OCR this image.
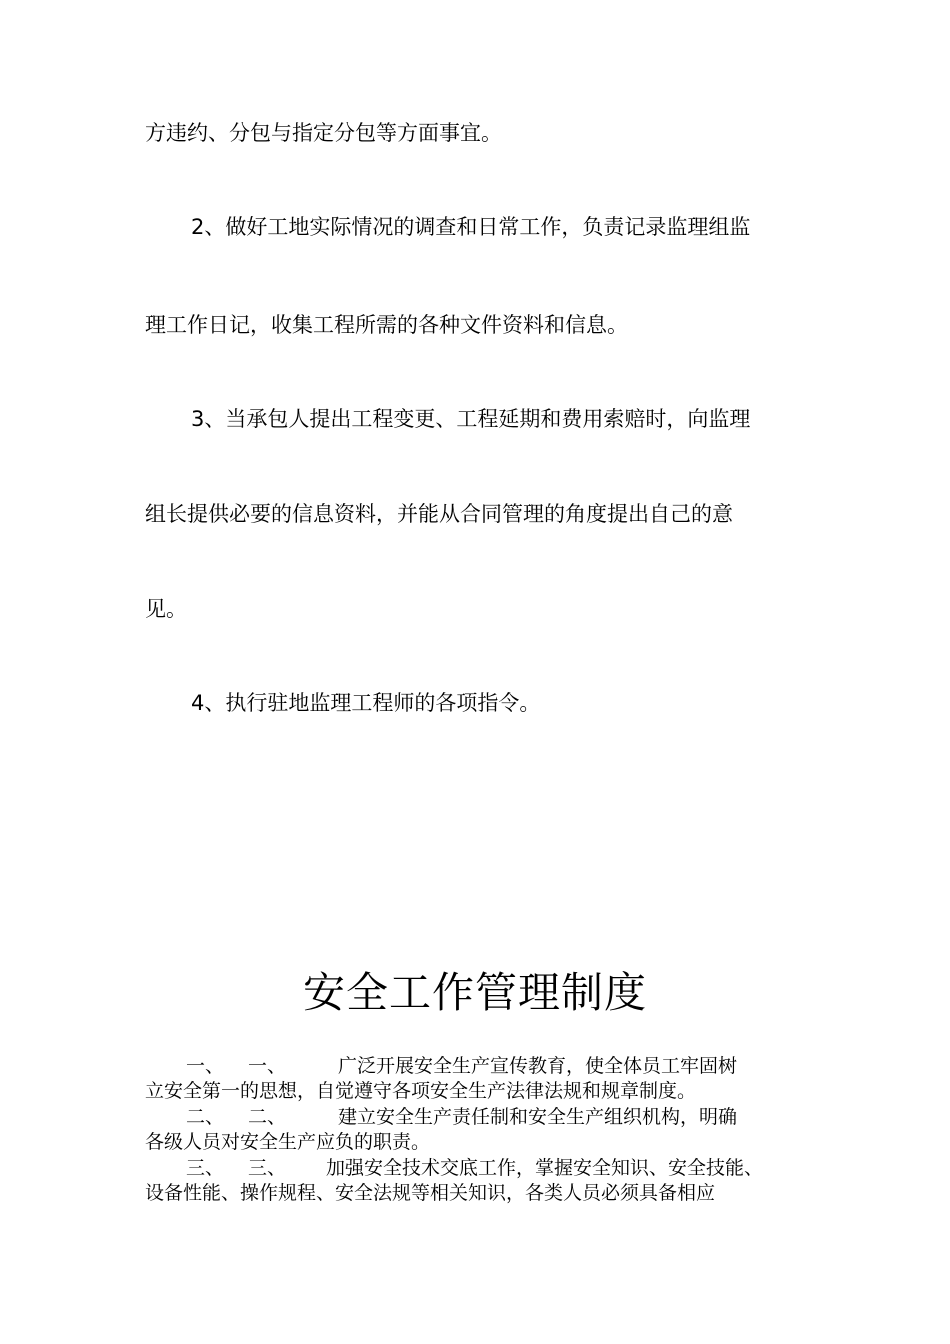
方违约、分包与指定分包等方面事宜。

2、做好工地实际情况的调查和日常工作，负责记录监理组监

理工作日记，收集工程所需的各种文件资料和信息。

3、当承包人提出工程变更、工程延期和费用索赔时，向监理

组长提供必要的信息资料，并能从合同管理的角度提出自己的意

见。

4、执行驻地监理工程师的各项指令。

安全工作管理制度

一、 一、	广泛开展安全生产宣传教育，使全体员工牢固树

立安全第一的思想，自觉遵守各项安全生产法律法规和规章制度。

二、 二、	建立安全生产责任制和安全生产组织机构，明确

各级人员对安全生产应负的职责。

三、 三、 加强安全技术交底工作，掌握安全知识、安全技能、

设备性能、操作规程、安全法规等相关知识，各类人员必须具备相应
